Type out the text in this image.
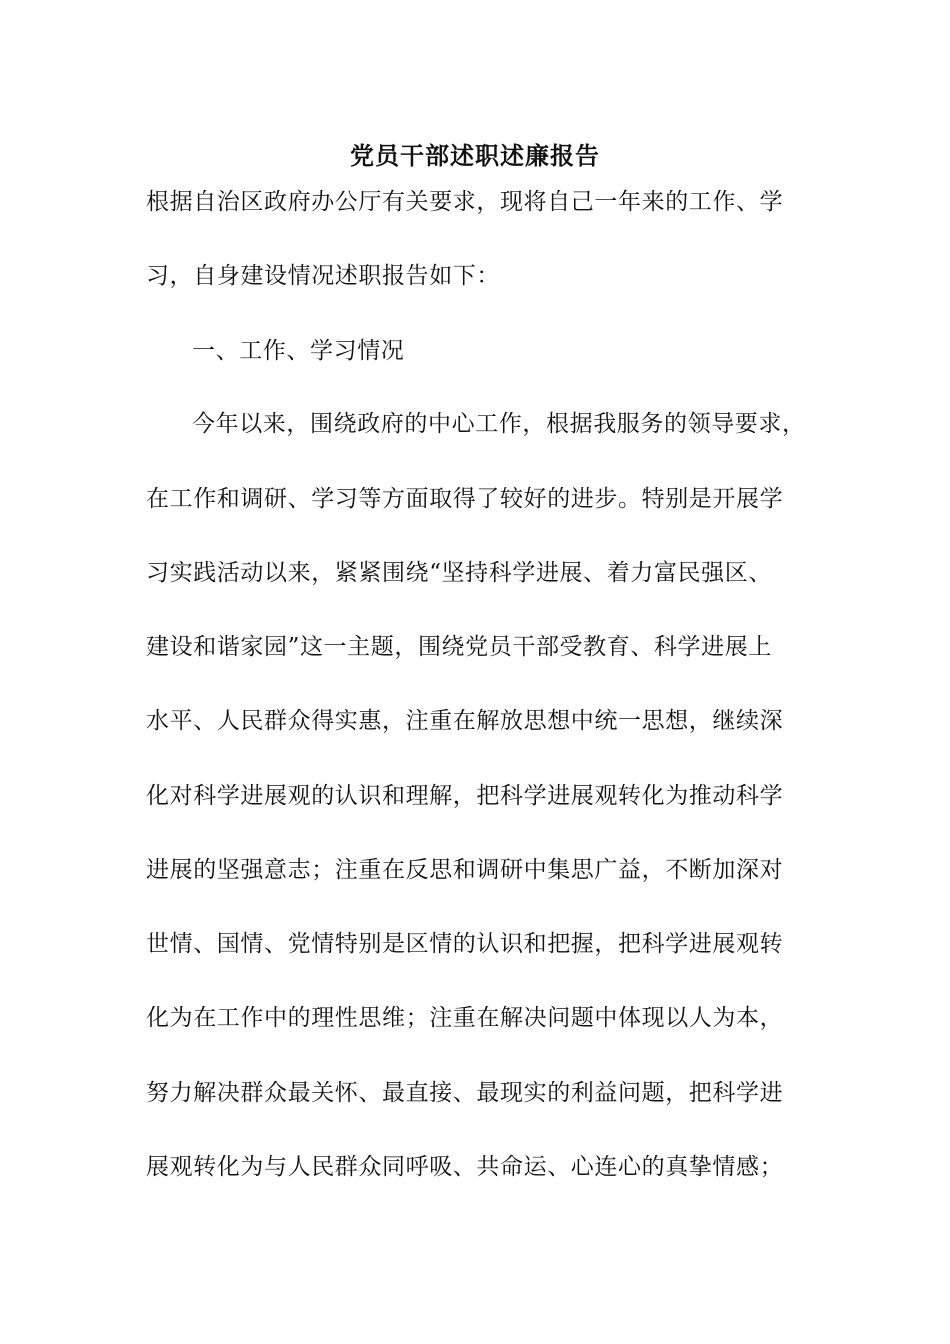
党员干部述职述廉报告
根据自治区政府办公厅有关要求，现将自己一年来的工作、学
习，自身建设情况述职报告如下：
一、工作、学习情况
今年以来，围绕政府的中心工作，根据我服务的领导要求，
在工作和调研、学习等方面取得了较好的进步。特别是开展学
习实践活动以来，紧紧围绕“坚持科学进展、着力富民强区、
建设和谐家园”这一主题，围绕党员干部受教育、科学进展上
水平、人民群众得实惠，注重在解放思想中统一思想，继续深
化对科学进展观的认识和理解，把科学进展观转化为推动科学
进展的坚强意志；注重在反思和调研中集思广益，不断加深对
世情、国情、党情特别是区情的认识和把握，把科学进展观转
化为在工作中的理性思维；注重在解决问题中体现以人为本，
努力解决群众最关怀、最直接、最现实的利益问题，把科学进
展观转化为与人民群众同呼吸、共命运、心连心的真挚情感；
